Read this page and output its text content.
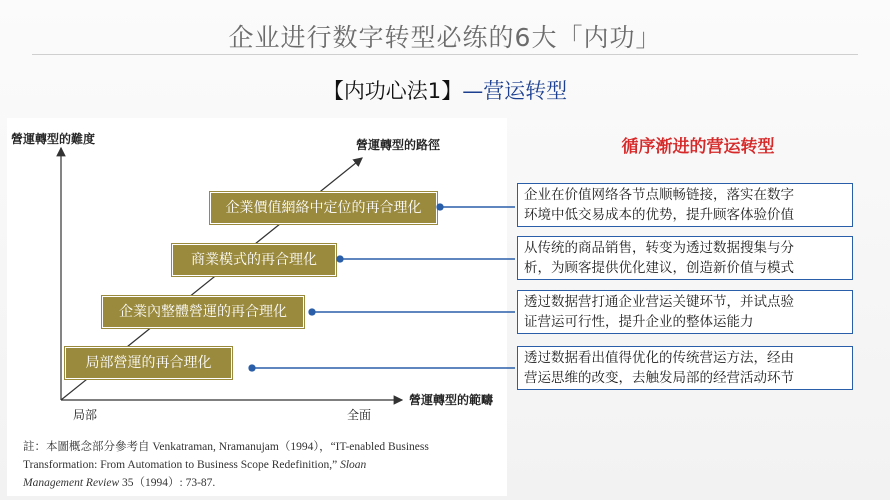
企业进行数字转型必练的6大「内功」
【内功心法1】—营运转型
營運轉型的難度	營運轉型的路徑
營運轉型的範疇
局部	全面
企業價值網絡中定位的再合理化
商業模式的再合理化
企業內整體營運的再合理化
局部營運的再合理化
註：本圖概念部分參考自 Venkatraman, Nramanujam（1994），“IT-enabled Business
Transformation: From Automation to Business Scope Redefinition,” Sloan
Management Review 35（1994）: 73-87.
循序渐进的营运转型
企业在价值网络各节点顺畅链接，落实在数字
环境中低交易成本的优势，提升顾客体验价值
从传统的商品销售，转变为透过数据搜集与分
析，为顾客提供优化建议，创造新价值与模式
透过数据营打通企业营运关键环节，并试点验
证营运可行性，提升企业的整体运能力
透过数据看出值得优化的传统营运方法，经由
营运思维的改变，去触发局部的经营活动环节
